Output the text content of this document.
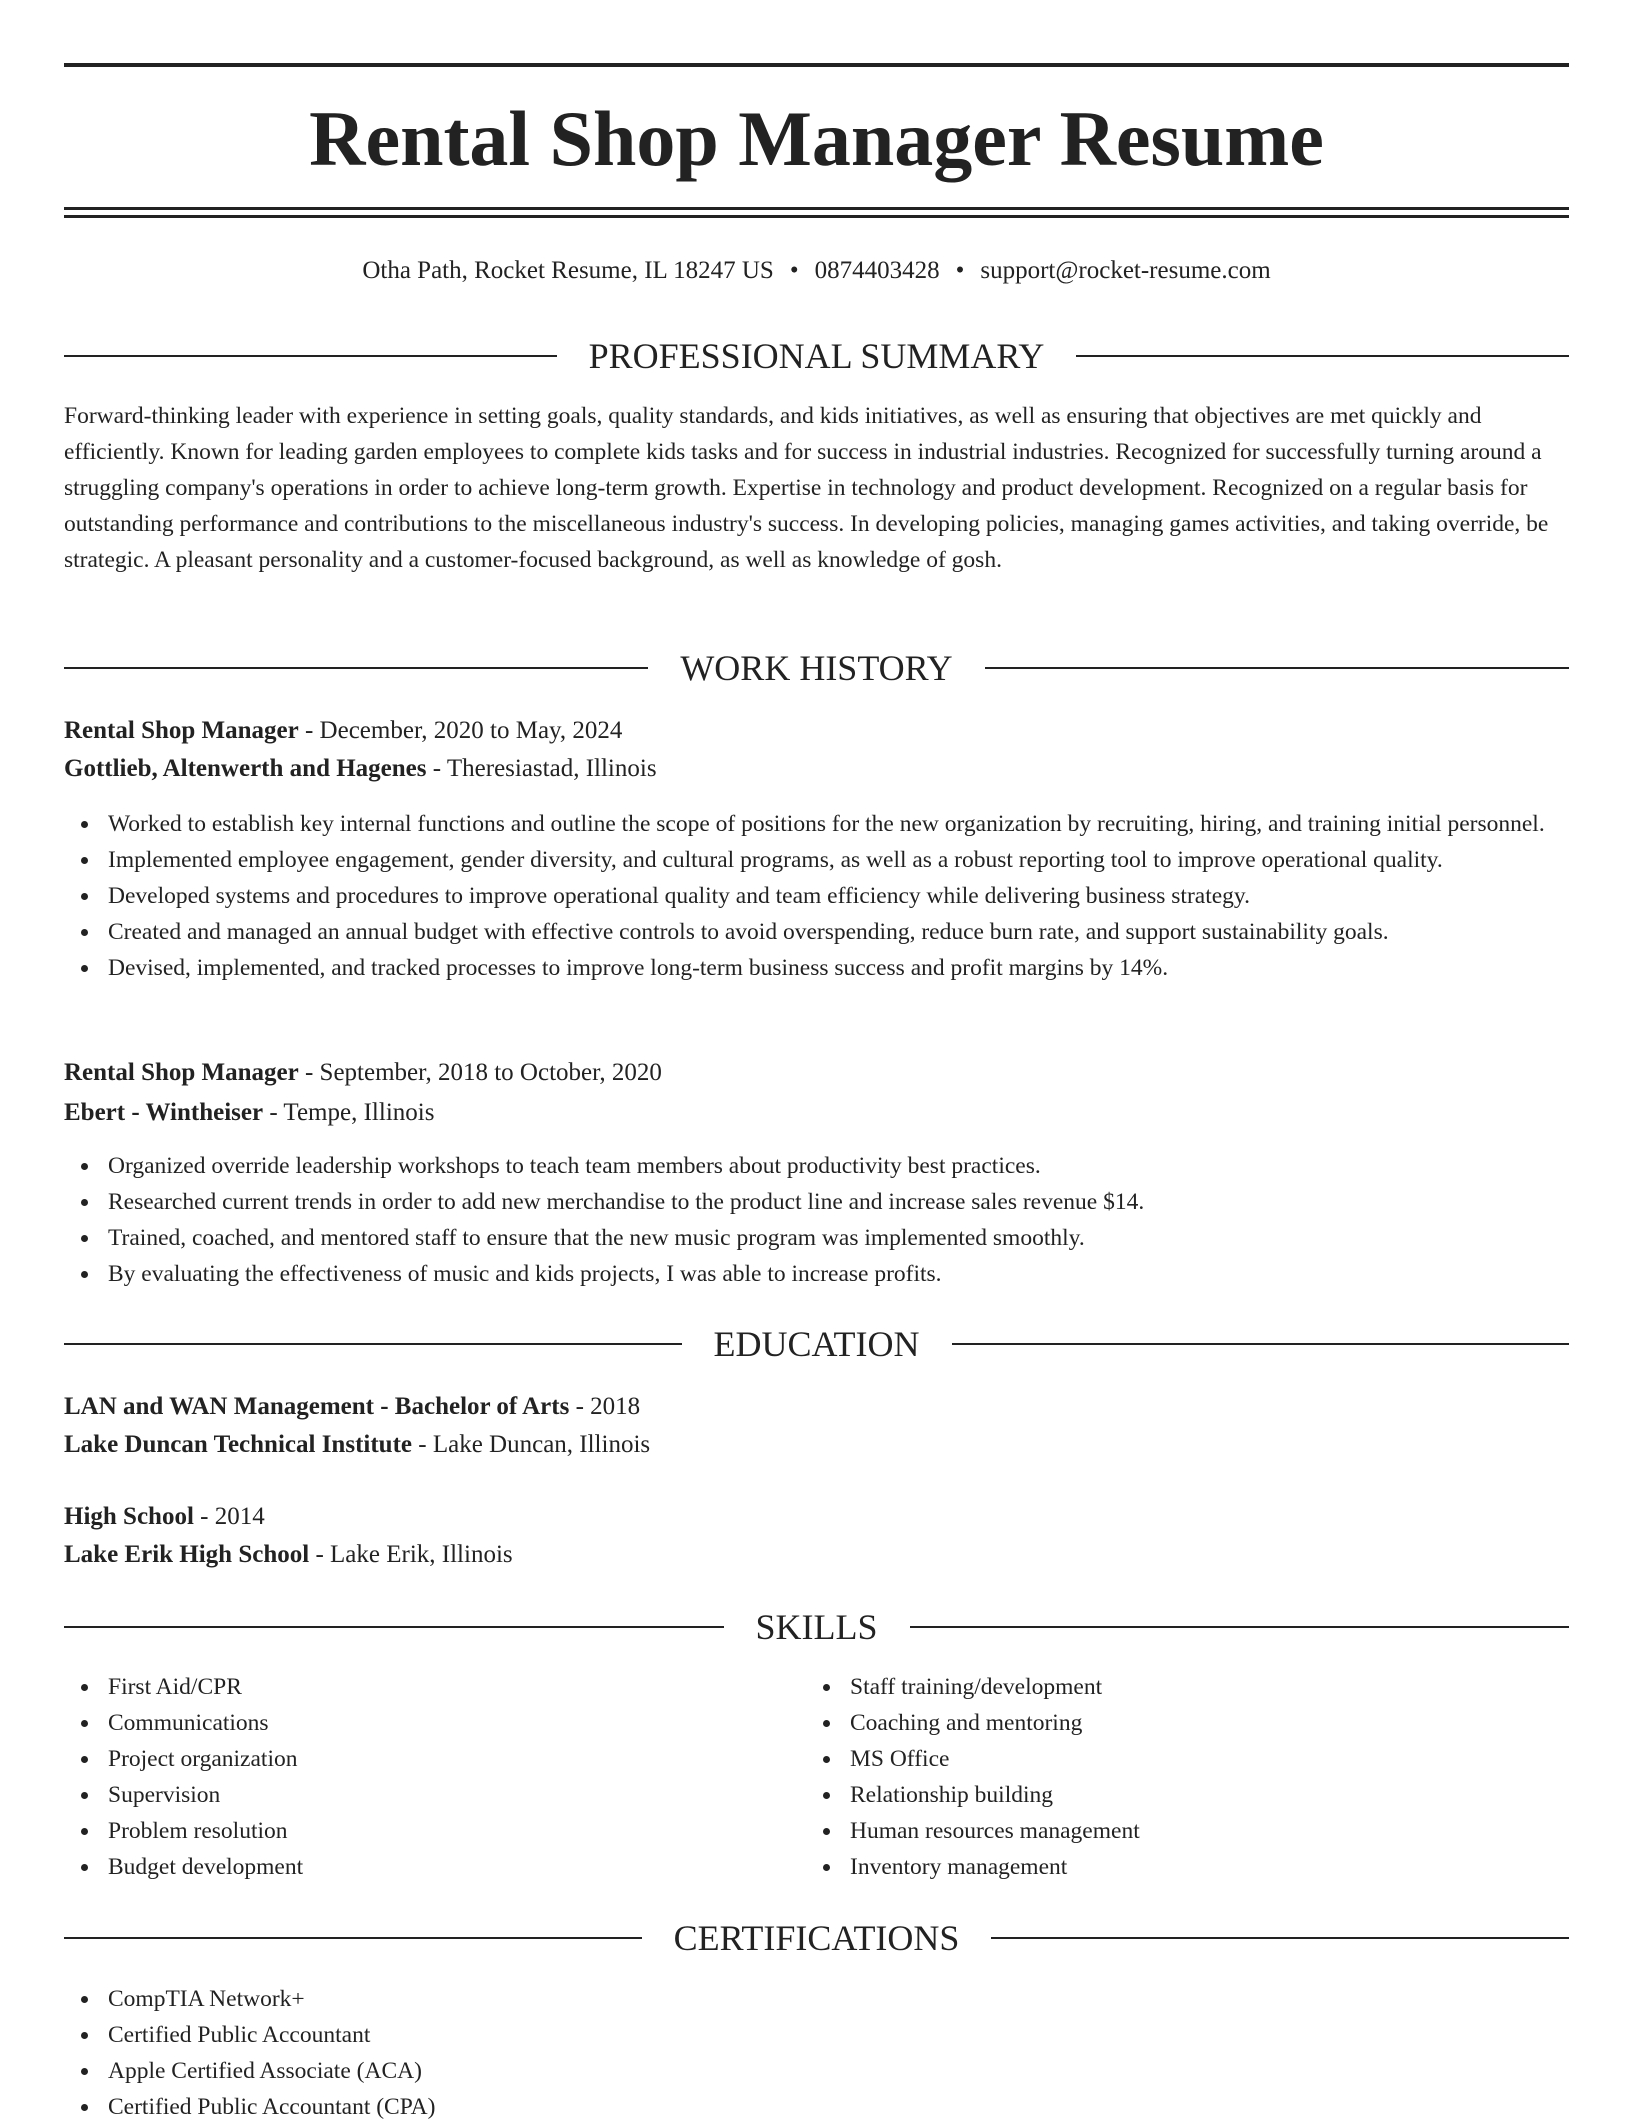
Rental Shop Manager Resume
Otha Path, Rocket Resume, IL 18247 US • 0874403428 • support@rocket-resume.com
PROFESSIONAL SUMMARY

Forward-thinking leader with experience in setting goals, quality standards, and kids initiatives, as well as ensuring that objectives are met quickly and efficiently. Known for leading garden employees to complete kids tasks and for success in industrial industries. Recognized for successfully turning around a struggling company's operations in order to achieve long-term growth. Expertise in technology and product development. Recognized on a regular basis for outstanding performance and contributions to the miscellaneous industry's success. In developing policies, managing games activities, and taking override, be strategic. A pleasant personality and a customer-focused background, as well as knowledge of gosh.

WORK HISTORY
Rental Shop Manager - December, 2020 to May, 2024
Gottlieb, Altenwerth and Hagenes - Theresiastad, Illinois
Worked to establish key internal functions and outline the scope of positions for the new organization by recruiting, hiring, and training initial personnel.
Implemented employee engagement, gender diversity, and cultural programs, as well as a robust reporting tool to improve operational quality.
Developed systems and procedures to improve operational quality and team efficiency while delivering business strategy.
Created and managed an annual budget with effective controls to avoid overspending, reduce burn rate, and support sustainability goals.
Devised, implemented, and tracked processes to improve long-term business success and profit margins by 14%.
Rental Shop Manager - September, 2018 to October, 2020
Ebert - Wintheiser - Tempe, Illinois
Organized override leadership workshops to teach team members about productivity best practices.
Researched current trends in order to add new merchandise to the product line and increase sales revenue $14.
Trained, coached, and mentored staff to ensure that the new music program was implemented smoothly.
By evaluating the effectiveness of music and kids projects, I was able to increase profits.
EDUCATION
LAN and WAN Management - Bachelor of Arts - 2018
Lake Duncan Technical Institute - Lake Duncan, Illinois
High School - 2014
Lake Erik High School - Lake Erik, Illinois
SKILLS
First Aid/CPR
Communications
Project organization
Supervision
Problem resolution
Budget development
Staff training/development
Coaching and mentoring
MS Office
Relationship building
Human resources management
Inventory management
CERTIFICATIONS
CompTIA Network+
Certified Public Accountant
Apple Certified Associate (ACA)
Certified Public Accountant (CPA)
